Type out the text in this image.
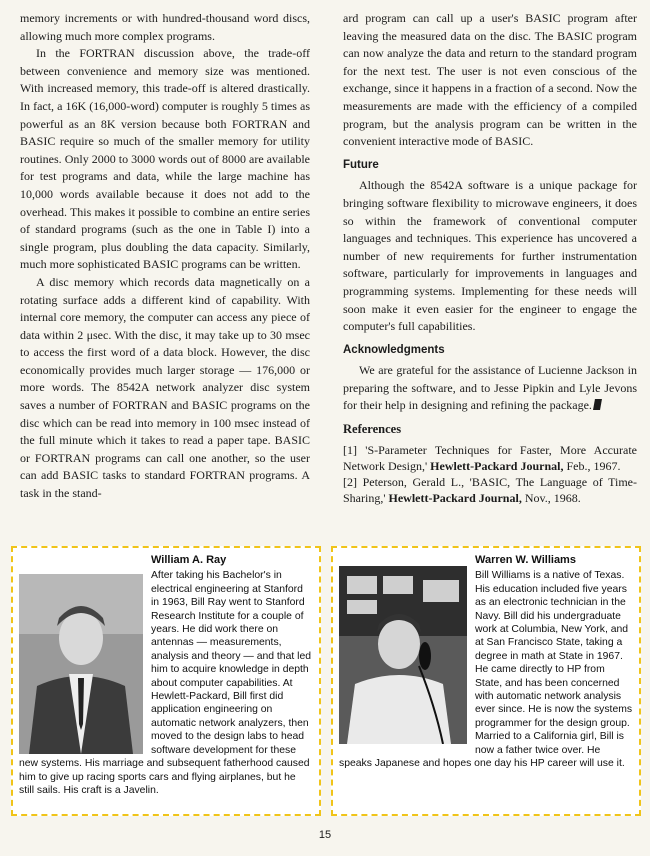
memory increments or with hundred-thousand word discs, allowing much more complex programs.

In the FORTRAN discussion above, the trade-off between convenience and memory size was mentioned. With increased memory, this trade-off is altered drastically. In fact, a 16K (16,000-word) computer is roughly 5 times as powerful as an 8K version because both FORTRAN and BASIC require so much of the smaller memory for utility routines. Only 2000 to 3000 words out of 8000 are available for test programs and data, while the large machine has 10,000 words available because it does not add to the overhead. This makes it possible to combine an entire series of standard programs (such as the one in Table I) into a single program, plus doubling the data capacity. Similarly, much more sophisticated BASIC programs can be written.

A disc memory which records data magnetically on a rotating surface adds a different kind of capability. With internal core memory, the computer can access any piece of data within 2 μsec. With the disc, it may take up to 30 msec to access the first word of a data block. However, the disc economically provides much larger storage — 176,000 or more words. The 8542A network analyzer disc system saves a number of FORTRAN and BASIC programs on the disc which can be read into memory in 100 msec instead of the full minute which it takes to read a paper tape. BASIC or FORTRAN programs can call one another, so the user can add BASIC tasks to standard FORTRAN programs. A task in the stand-

ard program can call up a user's BASIC program after leaving the measured data on the disc. The BASIC program can now analyze the data and return to the standard program for the next test. The user is not even conscious of the exchange, since it happens in a fraction of a second. Now the measurements are made with the efficiency of a compiled program, but the analysis program can be written in the convenient interactive mode of BASIC.

Future

Although the 8542A software is a unique package for bringing software flexibility to microwave engineers, it does so within the framework of conventional computer languages and techniques. This experience has uncovered a number of new requirements for further instrumentation software, particularly for improvements in languages and programming systems. Implementing for these needs will soon make it even easier for the engineer to engage the computer's full capabilities.

Acknowledgments

We are grateful for the assistance of Lucienne Jackson in preparing the software, and to Jesse Pipkin and Lyle Jevons for their help in designing and refining the package.

References

[1] 'S-Parameter Techniques for Faster, More Accurate Network Design,' Hewlett-Packard Journal, Feb., 1967.

[2] Peterson, Gerald L., 'BASIC, The Language of Time-Sharing,' Hewlett-Packard Journal, Nov., 1968.

William A. Ray
After taking his Bachelor's in electrical engineering at Stanford in 1963, Bill Ray went to Stanford Research Institute for a couple of years. He did work there on antennas — measurements, analysis and theory — and that led him to acquire knowledge in depth about computer capabilities. At Hewlett-Packard, Bill first did application engineering on automatic network analyzers, then moved to the design labs to head software development for these new systems. His marriage and subsequent fatherhood caused him to give up racing sports cars and flying airplanes, but he still sails. His craft is a Javelin.
Warren W. Williams
Bill Williams is a native of Texas. His education included five years as an electronic technician in the Navy. Bill did his undergraduate work at Columbia, New York, and at San Francisco State, taking a degree in math at State in 1967. He came directly to HP from State, and has been concerned with automatic network analysis ever since. He is now the systems programmer for the design group. Married to a California girl, Bill is now a father twice over. He speaks Japanese and hopes one day his HP career will use it.
15
